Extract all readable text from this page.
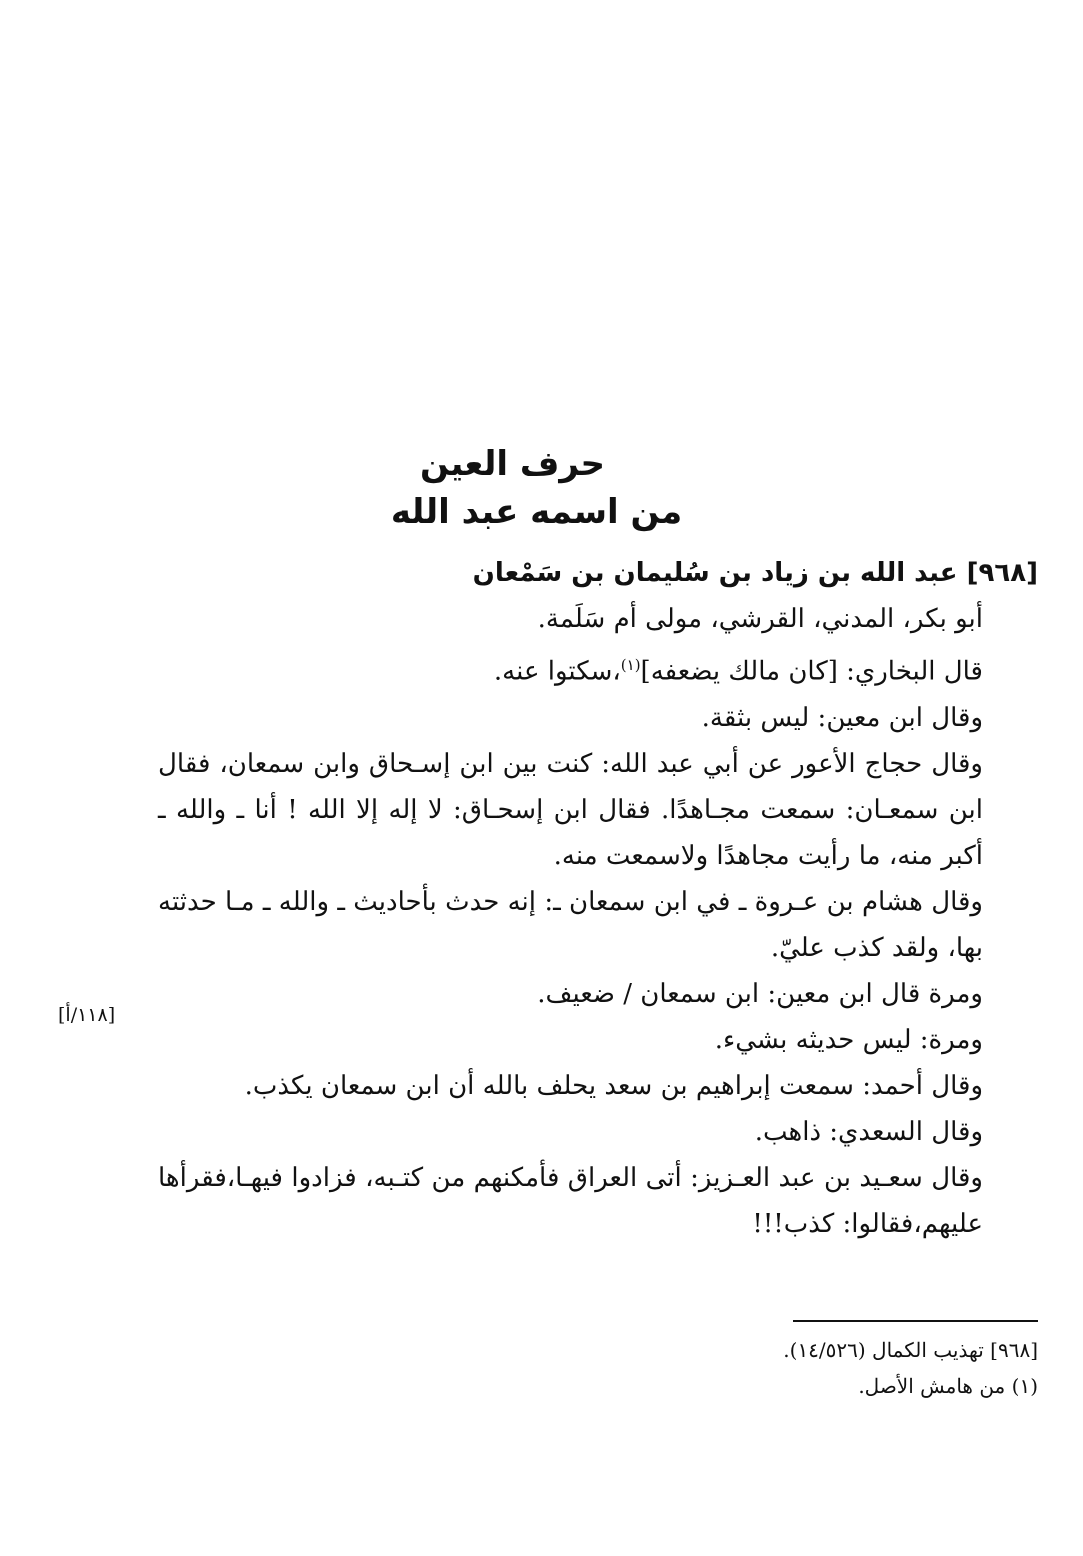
حرف العين
من اسمه عبد الله

[٩٦٨] عبد الله بن زياد بن سُليمان بن سَمْعان

أبو بكر، المدني، القرشي، مولى أم سَلَمة.

قال البخاري: [كان مالك يضعفه]$^{(١)}$،سكتوا عنه.

وقال ابن معين: ليس بثقة.

وقال حجاج الأعور عن أبي عبد الله: كنت بين ابن إسـحاق وابن سمعان، فقال ابن سمعـان: سمعت مجـاهدًا. فقال ابن إسحـاق: لا إله إلا الله ! أنا ـ والله ـ أكبر منه، ما رأيت مجاهدًا ولاسمعت منه.

وقال هشام بن عـروة ـ في ابن سمعان ـ: إنه حدث بأحاديث ـ والله ـ مـا حدثته بها، ولقد كذب عليّ.

ومرة قال ابن معين: ابن سمعان / ضعيف.

ومرة: ليس حديثه بشيء.

وقال أحمد: سمعت إبراهيم بن سعد يحلف بالله أن ابن سمعان يكذب.

وقال السعدي: ذاهب.

وقال سعـيد بن عبد العـزيز: أتى العراق فأمكنهم من كتـبه، فزادوا فيهـا،فقرأها عليهم،فقالوا: كذب!!!

[١١٨/أ]

[٩٦٨] تهذيب الكمال (١٤/٥٢٦).

(١) من هامش الأصل.
